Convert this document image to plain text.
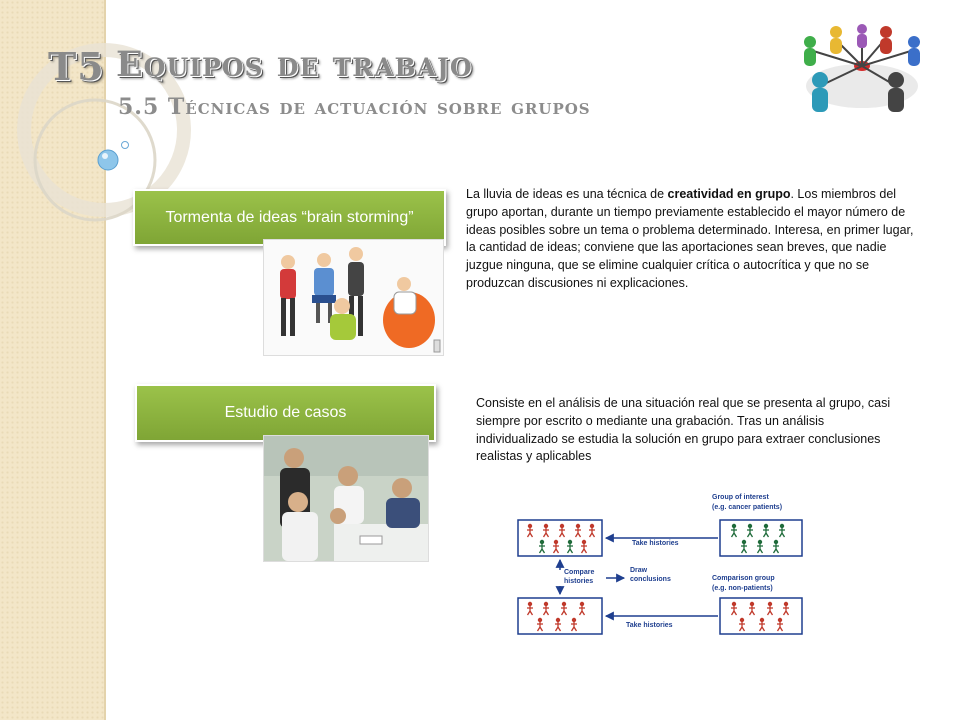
T5 Equipos de trabajo
5.5 Técnicas de actuación sobre grupos
Tormenta de ideas “brain storming”

La lluvia de ideas es una técnica de creatividad en grupo. Los miembros del grupo aportan, durante un tiempo previamente establecido el mayor número de ideas posibles sobre un tema o problema determinado. Interesa, en primer lugar, la cantidad de ideas; conviene que las aportaciones sean breves, que nadie juzgue ninguna, que se elimine cualquier crítica o autocrítica y que no se produzcan discusiones ni explicaciones.

Estudio de casos

Consiste en el análisis de una situación real que se presenta al grupo, casi siempre por escrito o mediante una grabación. Tras un análisis individualizado se estudia la solución en grupo para extraer conclusiones realistas y aplicables

Group of interest
(e.g. cancer patients)
Take histories
Compare
histories
Draw
conclusions	Comparison group
(e.g. non-patients)
Take histories
